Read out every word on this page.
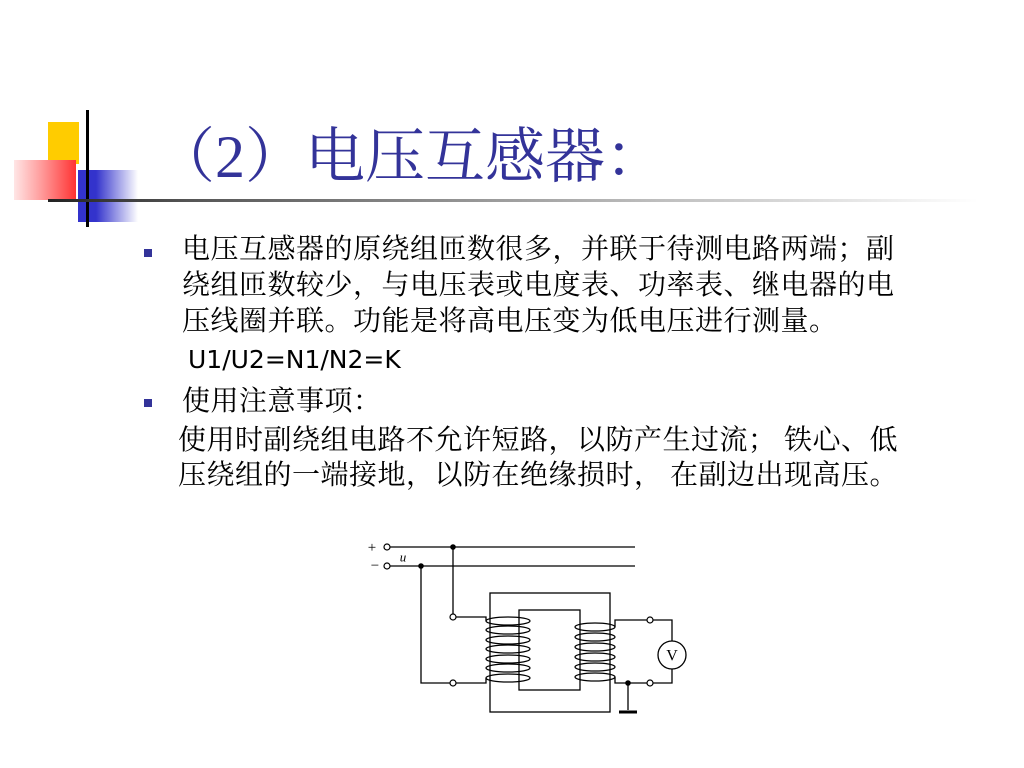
（2）电压互感器：
电压互感器的原绕组匝数很多，并联于待测电路两端；副
绕组匝数较少，与电压表或电度表、功率表、继电器的电
压线圈并联。功能是将高电压变为低电压进行测量。
U1/U2=N1/N2=K
使用注意事项：
使用时副绕组电路不允许短路，以防产生过流； 铁心、低
压绕组的一端接地，以防在绝缘损时， 在副边出现高压。
+
−
u
V
